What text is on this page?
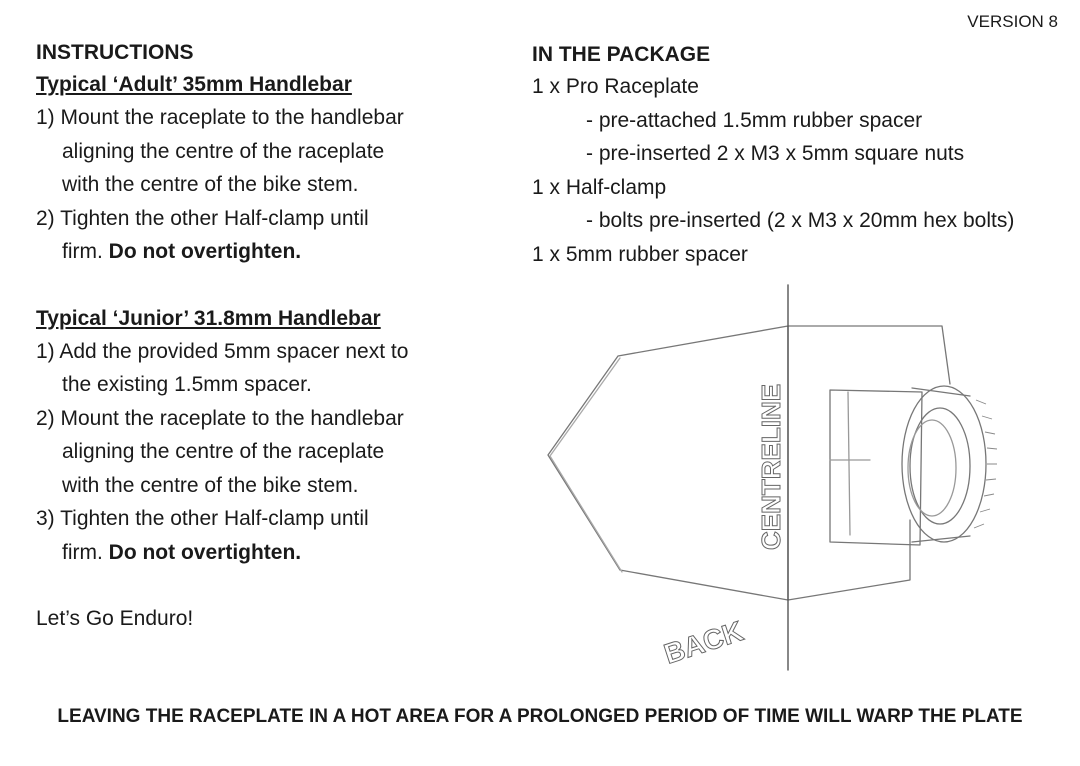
VERSION 8
INSTRUCTIONS
Typical ‘Adult’ 35mm Handlebar
1) Mount the raceplate to the handlebar
aligning the centre of the raceplate
with the centre of the bike stem.
2) Tighten the other Half-clamp until
firm. Do not overtighten.
Typical ‘Junior’ 31.8mm Handlebar
1) Add the provided 5mm spacer next to
the existing 1.5mm spacer.
2) Mount the raceplate to the handlebar
aligning the centre of the raceplate
with the centre of the bike stem.
3) Tighten the other Half-clamp until
firm. Do not overtighten.
Let’s Go Enduro!
IN THE PACKAGE
1 x Pro Raceplate
- pre-attached 1.5mm rubber spacer
- pre-inserted 2 x M3 x 5mm square nuts
1 x Half-clamp
- bolts pre-inserted (2 x M3 x 20mm hex bolts)
1 x 5mm rubber spacer
CENTRELINE
BACK
LEAVING THE RACEPLATE IN A HOT AREA FOR A PROLONGED PERIOD OF TIME WILL WARP THE PLATE
